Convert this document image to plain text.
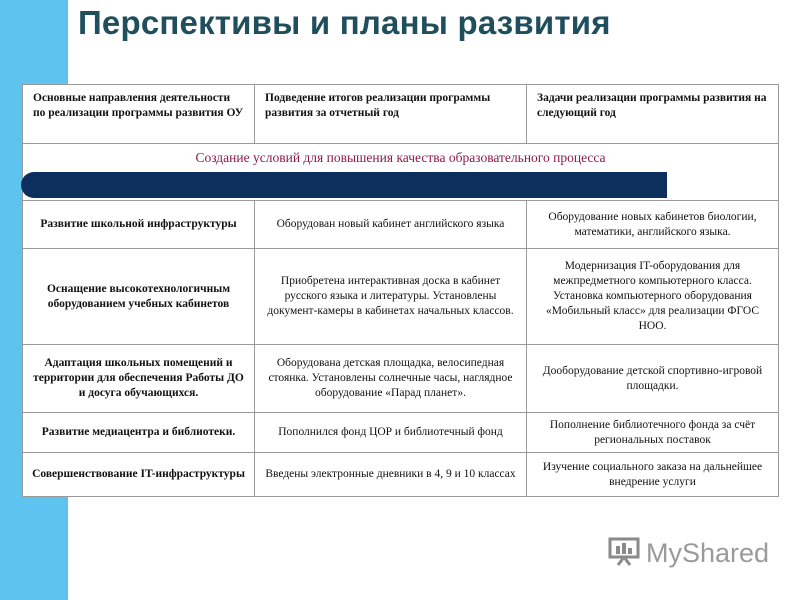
Перспективы и планы развития
Основные направления деятельности по реализации программы развития ОУ	Подведение итогов реализации программы развития за отчетный год	Задачи реализации программы развития на следующий год

Создание условий для повышения качества образовательного процесса		

Развитие школьной инфраструктуры	Оборудован новый кабинет английского языка	Оборудование новых кабинетов биологии, математики, английского языка.
Оснащение высокотехнологичным оборудованием учебных кабинетов	Приобретена интерактивная доска в кабинет русского языка и литературы. Установлены документ-камеры в кабинетах начальных классов.	Модернизация IT-оборудования для межпредметного компьютерного класса. Установка компьютерного оборудования «Мобильный класс» для реализации ФГОС НОО.
Адаптация школьных помещений и территории для обеспечения Работы ДО и досуга обучающихся.	Оборудована детская площадка, велосипедная стоянка. Установлены солнечные часы, наглядное оборудование «Парад планет».	Дооборудование детской спортивно-игровой площадки.
Развитие медиацентра и библиотеки.	Пополнился фонд ЦОР и библиотечный фонд	Пополнение библиотечного фонда за счёт региональных поставок
Совершенствование IT-инфраструктуры	Введены электронные дневники в 4, 9 и 10 классах	Изучение социального заказа на дальнейшее внедрение услуги
MyShared
